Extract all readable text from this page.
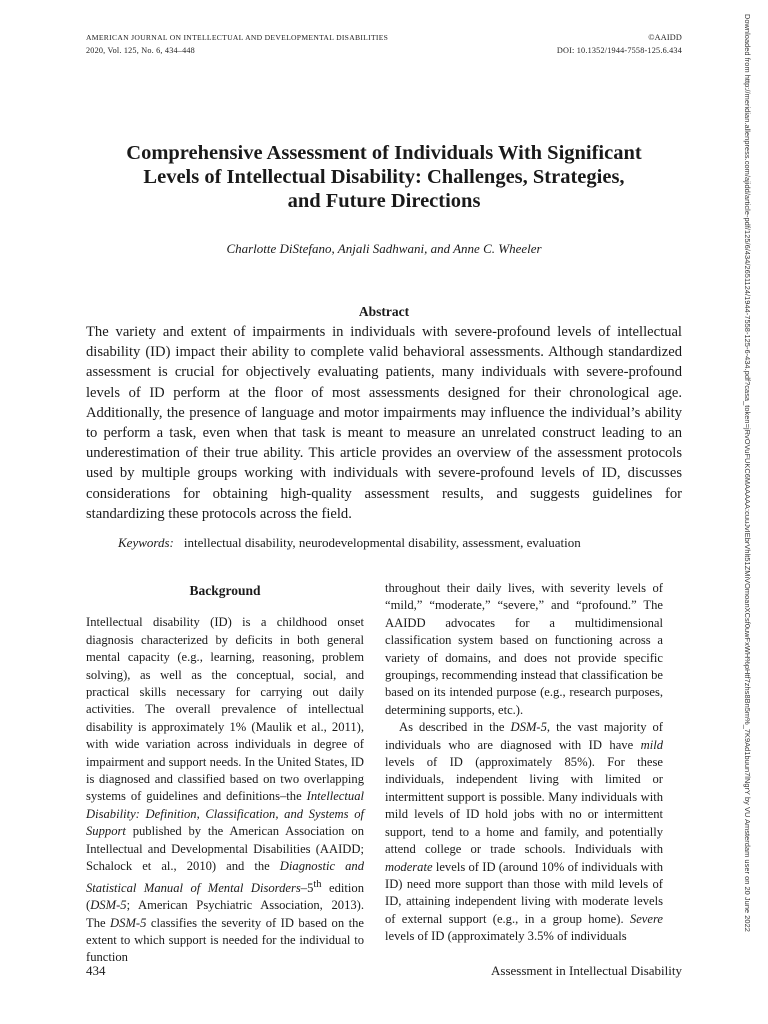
AMERICAN JOURNAL ON INTELLECTUAL AND DEVELOPMENTAL DISABILITIES
2020, Vol. 125, No. 6, 434–448
©AAIDD
DOI: 10.1352/1944-7558-125.6.434
Comprehensive Assessment of Individuals With Significant
Levels of Intellectual Disability: Challenges, Strategies,
and Future Directions
Charlotte DiStefano, Anjali Sadhwani, and Anne C. Wheeler
Abstract

The variety and extent of impairments in individuals with severe-profound levels of intellectual disability (ID) impact their ability to complete valid behavioral assessments. Although standardized assessment is crucial for objectively evaluating patients, many individuals with severe-profound levels of ID perform at the floor of most assessments designed for their chronological age. Additionally, the presence of language and motor impairments may influence the individual’s ability to perform a task, even when that task is meant to measure an unrelated construct leading to an underestimation of their true ability. This article provides an overview of the assessment protocols used by multiple groups working with individuals with severe-profound levels of ID, discusses considerations for obtaining high-quality assessment results, and suggests guidelines for standardizing these protocols across the field.

Keywords: intellectual disability, neurodevelopmental disability, assessment, evaluation
Background

Intellectual disability (ID) is a childhood onset diagnosis characterized by deficits in both general mental capacity (e.g., learning, reasoning, problem solving), as well as the conceptual, social, and practical skills necessary for carrying out daily activities. The overall prevalence of intellectual disability is approximately 1% (Maulik et al., 2011), with wide variation across individuals in degree of impairment and support needs. In the United States, ID is diagnosed and classified based on two overlapping systems of guidelines and definitions–the Intellectual Disability: Definition, Classification, and Systems of Support published by the American Association on Intellectual and Developmental Disabilities (AAIDD; Schalock et al., 2010) and the Diagnostic and Statistical Manual of Mental Disorders–5th edition (DSM-5; American Psychiatric Association, 2013). The DSM-5 classifies the severity of ID based on the extent to which support is needed for the individual to function

throughout their daily lives, with severity levels of “mild,” “moderate,” “severe,” and “profound.” The AAIDD advocates for a multidimensional classification system based on functioning across a variety of domains, and does not provide specific groupings, recommending instead that classification be based on its intended purpose (e.g., research purposes, determining supports, etc.).

As described in the DSM-5, the vast majority of individuals who are diagnosed with ID have mild levels of ID (approximately 85%). For these individuals, independent living with limited or intermittent support is possible. Many individuals with mild levels of ID hold jobs with no or intermittent support, tend to a home and family, and potentially attend college or trade schools. Individuals with moderate levels of ID (around 10% of individuals with ID) need more support than those with mild levels of ID, attaining independent living with moderate levels of external support (e.g., in a group home). Severe levels of ID (approximately 3.5% of individuals

434	Assessment in Intellectual Disability
Downloaded from http://meridian.allenpress.com/ajidd/article-pdf/125/6/434/2651124/1944-7558-125-6-434.pdf?casa_token=jRvOVuFUKC6MAAAAA:cuuJvIEbrVhlt51ZMiVOmoanXCsf0uwFxWH%pHtf7zhs8Bn5m%_7K9Ad1buun7lNgrY by VU Amsterdam user on 20 June 2022
